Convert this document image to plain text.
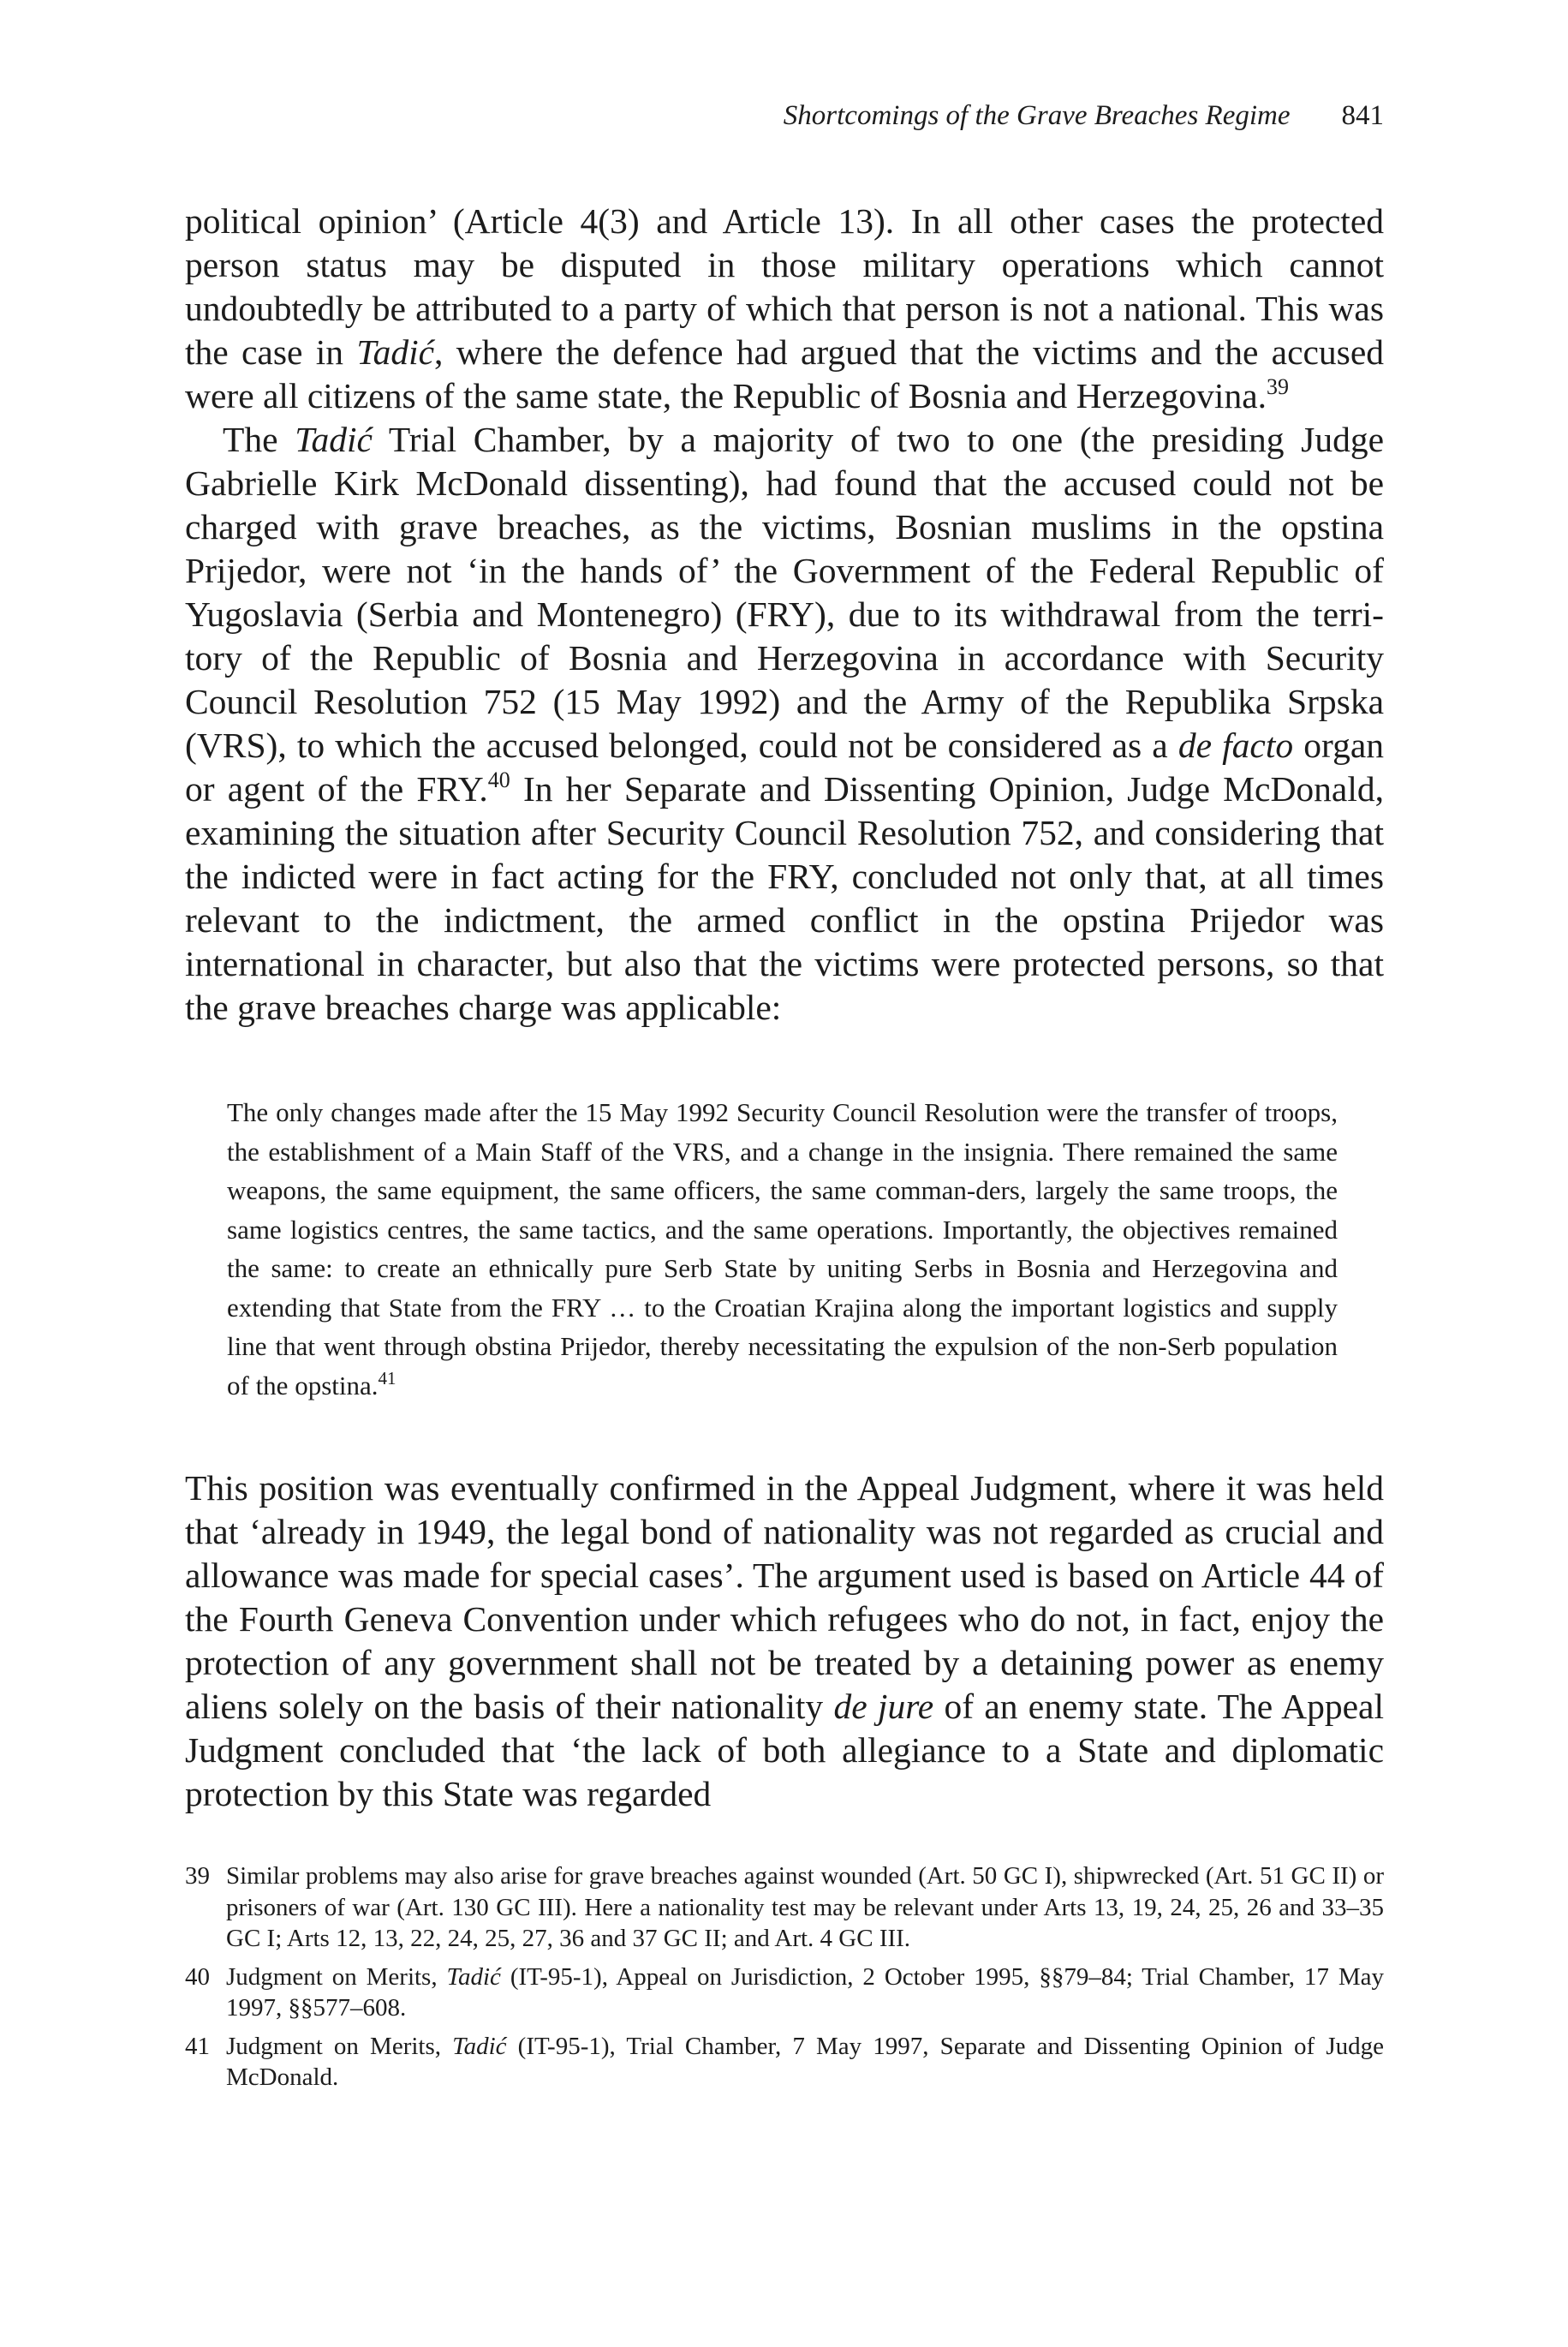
Shortcomings of the Grave Breaches Regime 841

political opinion’ (Article 4(3) and Article 13). In all other cases the protected person status may be disputed in those military operations which cannot undoubtedly be attributed to a party of which that person is not a national. This was the case in Tadić, where the defence had argued that the victims and the accused were all citizens of the same state, the Republic of Bosnia and Herzegovina.$^{39}$

The Tadić Trial Chamber, by a majority of two to one (the presiding Judge Gabrielle Kirk McDonald dissenting), had found that the accused could not be charged with grave breaches, as the victims, Bosnian muslims in the opstina Prijedor, were not ‘in the hands of’ the Government of the Federal Republic of Yugoslavia (Serbia and Montenegro) (FRY), due to its withdrawal from the terri-tory of the Republic of Bosnia and Herzegovina in accordance with Security Council Resolution 752 (15 May 1992) and the Army of the Republika Srpska (VRS), to which the accused belonged, could not be considered as a de facto organ or agent of the FRY.$^{40}$ In her Separate and Dissenting Opinion, Judge McDonald, examining the situation after Security Council Resolution 752, and considering that the indicted were in fact acting for the FRY, concluded not only that, at all times relevant to the indictment, the armed conflict in the opstina Prijedor was international in character, but also that the victims were protected persons, so that the grave breaches charge was applicable:

The only changes made after the 15 May 1992 Security Council Resolution were the transfer of troops, the establishment of a Main Staff of the VRS, and a change in the insignia. There remained the same weapons, the same equipment, the same officers, the same comman-ders, largely the same troops, the same logistics centres, the same tactics, and the same operations. Importantly, the objectives remained the same: to create an ethnically pure Serb State by uniting Serbs in Bosnia and Herzegovina and extending that State from the FRY … to the Croatian Krajina along the important logistics and supply line that went through obstina Prijedor, thereby necessitating the expulsion of the non-Serb population of the opstina.$^{41}$
This position was eventually confirmed in the Appeal Judgment, where it was held that ‘already in 1949, the legal bond of nationality was not regarded as crucial and allowance was made for special cases’. The argument used is based on Article 44 of the Fourth Geneva Convention under which refugees who do not, in fact, enjoy the protection of any government shall not be treated by a detaining power as enemy aliens solely on the basis of their nationality de jure of an enemy state. The Appeal Judgment concluded that ‘the lack of both allegiance to a State and diplomatic protection by this State was regarded
39 Similar problems may also arise for grave breaches against wounded (Art. 50 GC I), shipwrecked (Art. 51 GC II) or prisoners of war (Art. 130 GC III). Here a nationality test may be relevant under Arts 13, 19, 24, 25, 26 and 33–35 GC I; Arts 12, 13, 22, 24, 25, 27, 36 and 37 GC II; and Art. 4 GC III.
40 Judgment on Merits, Tadić (IT-95-1), Appeal on Jurisdiction, 2 October 1995, §§79–84; Trial Chamber, 17 May 1997, §§577–608.
41 Judgment on Merits, Tadić (IT-95-1), Trial Chamber, 7 May 1997, Separate and Dissenting Opinion of Judge McDonald.
